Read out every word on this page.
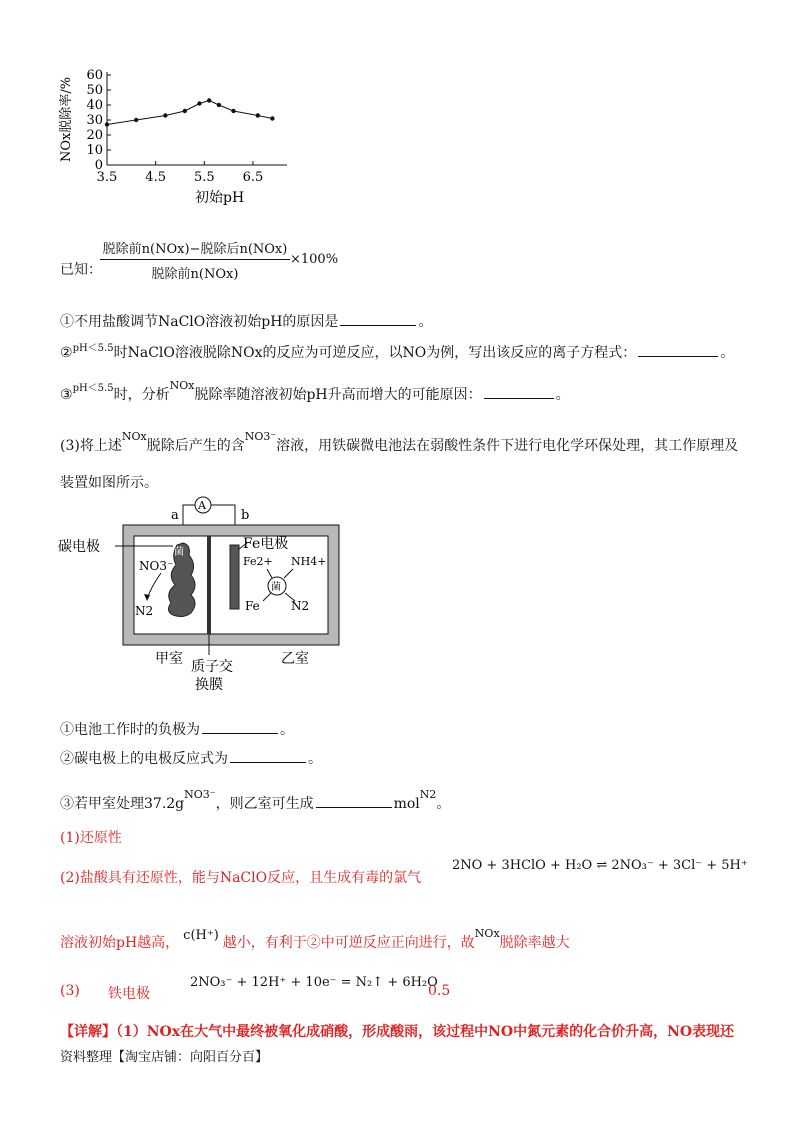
NOx脱除率/%
0
10
20
30
40
50
60
3.5 4.5 5.5 6.5
初始pH
已知：
脱除前n(NOx)−脱除后n(NOx)
脱除前n(NOx)
×100%
①不用盐酸调节NaClO溶液初始pH的原因是	。
②$^{pH<5.5}$时NaClO溶液脱除NOx的反应为可逆反应，以NO为例，写出该反应的离子方程式：	。
③$^{pH<5.5}$时，分析$^{NOx}$脱除率随溶液初始pH升高而增大的可能原因：	。
(3)将上述$^{NOx}$脱除后产生的含$^{NO3^-}$溶液，用铁碳微电池法在弱酸性条件下进行电化学环保处理，其工作原理及
装置如图所示。
A
a	b
菌
碳电极
NO3⁻
N2
Fe电极
Fe2+ NH4+
菌
Fe	N2
甲室	乙室
质子交
换膜
①电池工作时的负极为	。
②碳电极上的电极反应式为	。
③若甲室处理$37.2g^{NO3^-}$，则乙室可生成	mol$^{N2}$。
(1)还原性
(2)盐酸具有还原性，能与NaClO反应，且生成有毒的氯气
2NO + 3HClO + H₂O ⇌ 2NO₃⁻ + 3Cl⁻ + 5H⁺
溶液初始pH越高， c(H⁺) 越小，有利于②中可逆反应正向进行，故$^{NOx}$脱除率越大
(3) 铁电极
2NO₃⁻ + 12H⁺ + 10e⁻ = N₂↑ + 6H₂O
0.5
【详解】（1）NOx在大气中最终被氧化成硝酸，形成酸雨，该过程中NO中氮元素的化合价升高，NO表现还
资料整理【淘宝店铺：向阳百分百】
